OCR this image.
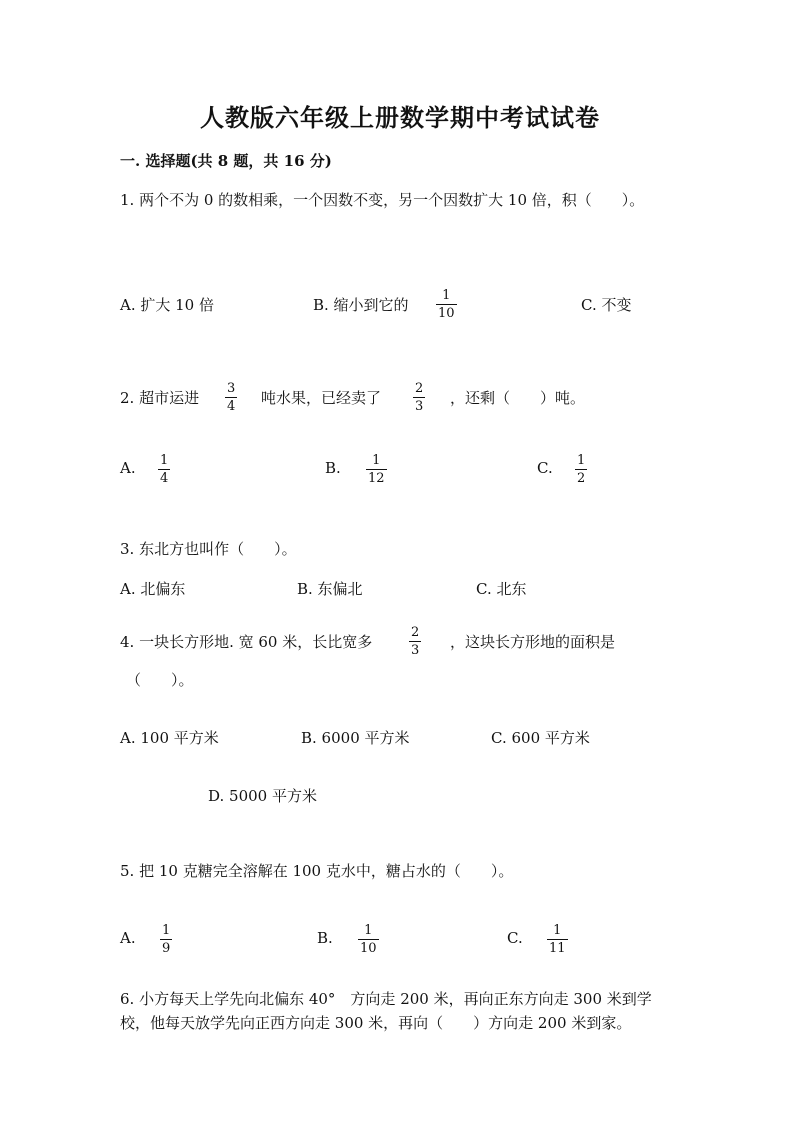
人教版六年级上册数学期中考试试卷
一. 选择题(共 8 题，共 16 分)
1. 两个不为 0 的数相乘，一个因数不变，另一个因数扩大 10 倍，积（　　）。
A. 扩大 10 倍	B. 缩小到它的
1
10	C. 不变
2. 超市运进
3
4 吨水果，已经卖了
2
3 ，还剩（　　）吨。
A. 1
4
B. 1
12
C. 1
2
3. 东北方也叫作（　　）。
A. 北偏东	B. 东偏北	C. 北东
4. 一块长方形地. 宽 60 米，长比宽多
2
3 ，这块长方形地的面积是
（　　）。
A. 100 平方米	B. 6000 平方米	C. 600 平方米
D. 5000 平方米
5. 把 10 克糖完全溶解在 100 克水中，糖占水的（　　）。
A. 1
9
B. 1
10
C. 1
11
6. 小方每天上学先向北偏东 40°　方向走 200 米，再向正东方向走 300 米到学
校，他每天放学先向正西方向走 300 米，再向（　　）方向走 200 米到家。
